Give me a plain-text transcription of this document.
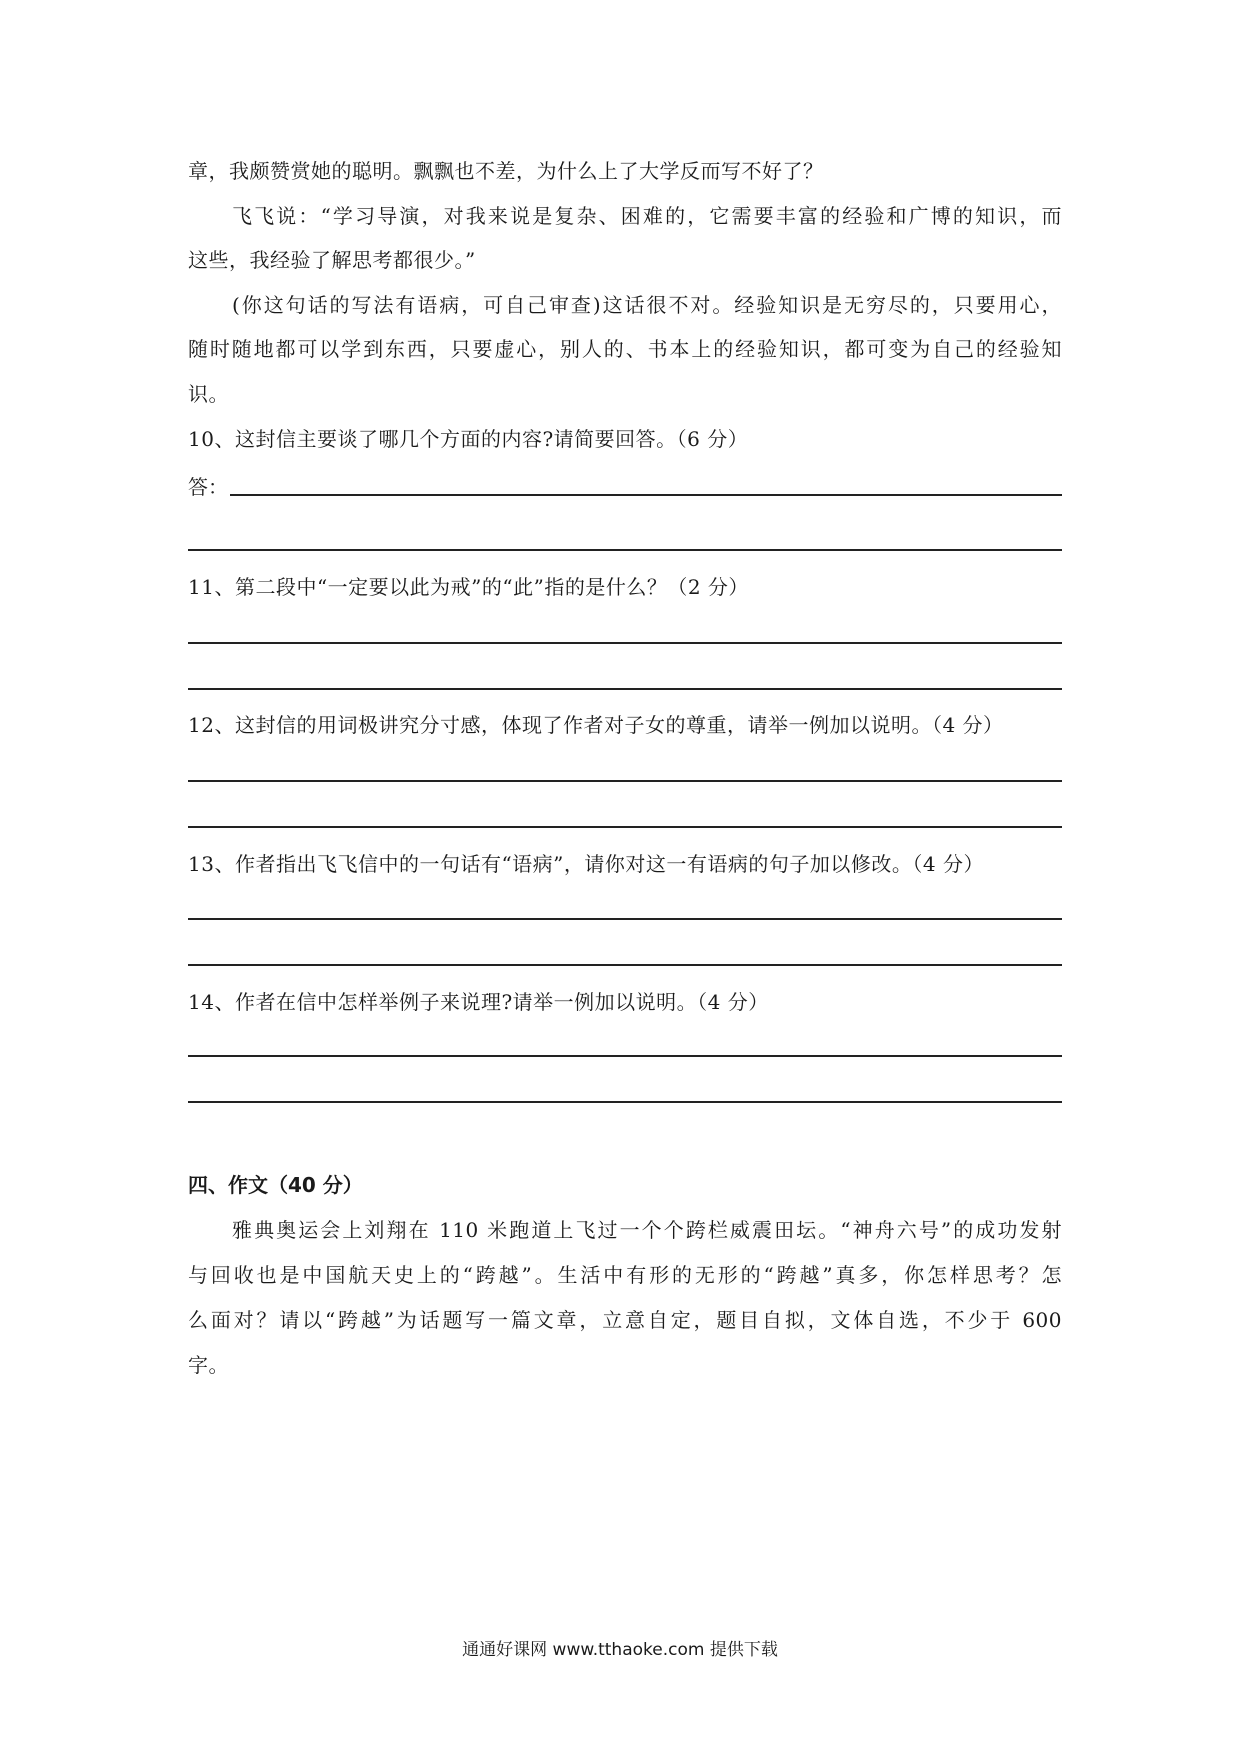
章，我颇赞赏她的聪明。飘飘也不差，为什么上了大学反而写不好了？
飞飞说：“学习导演，对我来说是复杂、困难的，它需要丰富的经验和广博的知识，而
这些，我经验了解思考都很少。”
(你这句话的写法有语病，可自己审查)这话很不对。经验知识是无穷尽的，只要用心，
随时随地都可以学到东西，只要虚心，别人的、书本上的经验知识，都可变为自己的经验知
识。
10、这封信主要谈了哪几个方面的内容?请简要回答。（6 分）
答：
11、第二段中“一定要以此为戒”的“此”指的是什么？（2 分）
12、这封信的用词极讲究分寸感，体现了作者对子女的尊重，请举一例加以说明。（4 分）
13、作者指出飞飞信中的一句话有“语病”，请你对这一有语病的句子加以修改。（4 分）
14、作者在信中怎样举例子来说理?请举一例加以说明。（4 分）
四、作文（40 分）
雅典奥运会上刘翔在 110 米跑道上飞过一个个跨栏威震田坛。“神舟六号”的成功发射
与回收也是中国航天史上的“跨越”。生活中有形的无形的“跨越”真多，你怎样思考？怎
么面对？请以“跨越”为话题写一篇文章，立意自定，题目自拟，文体自选，不少于 600
字。
通通好课网 www.tthaoke.com 提供下载
